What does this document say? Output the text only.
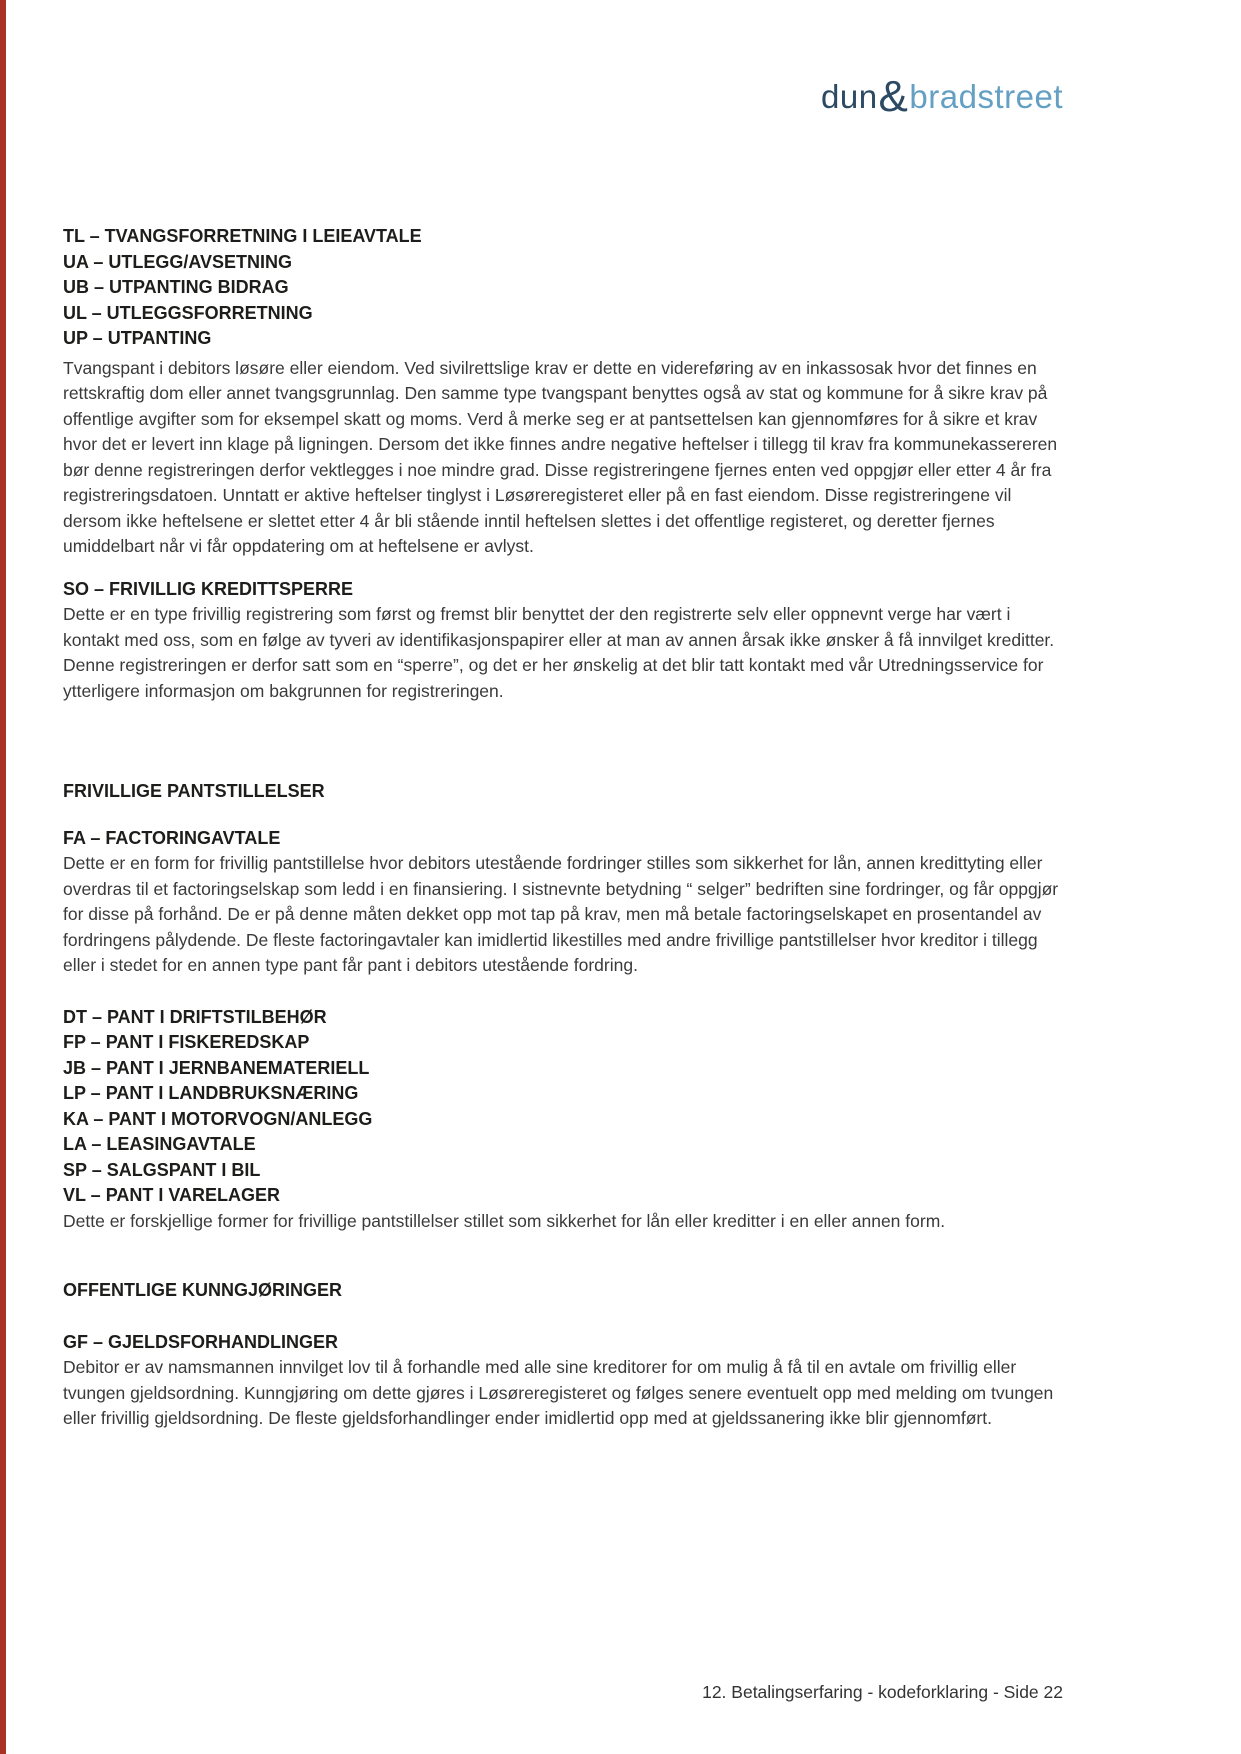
dun&bradstreet
TL – TVANGSFORRETNING I LEIEAVTALE
UA – UTLEGG/AVSETNING
UB – UTPANTING BIDRAG
UL – UTLEGGSFORRETNING
UP – UTPANTING

Tvangspant i debitors løsøre eller eiendom. Ved sivilrettslige krav er dette en videreføring av en inkassosak hvor det finnes en rettskraftig dom eller annet tvangsgrunnlag. Den samme type tvangspant benyttes også av stat og kommune for å sikre krav på offentlige avgifter som for eksempel skatt og moms. Verd å merke seg er at pantsettelsen kan gjennomføres for å sikre et krav hvor det er levert inn klage på ligningen. Dersom det ikke finnes andre negative heftelser i tillegg til krav fra kommunekassereren bør denne registreringen derfor vektlegges i noe mindre grad. Disse registreringene fjernes enten ved oppgjør eller etter 4 år fra registreringsdatoen. Unntatt er aktive heftelser tinglyst i Løsøreregisteret eller på en fast eiendom. Disse registreringene vil dersom ikke heftelsene er slettet etter 4 år bli stående inntil heftelsen slettes i det offentlige registeret, og deretter fjernes umiddelbart når vi får oppdatering om at heftelsene er avlyst.

SO – FRIVILLIG KREDITTSPERRE

Dette er en type frivillig registrering som først og fremst blir benyttet der den registrerte selv eller oppnevnt verge har vært i kontakt med oss, som en følge av tyveri av identifikasjonspapirer eller at man av annen årsak ikke ønsker å få innvilget kreditter. Denne registreringen er derfor satt som en “sperre”, og det er her ønskelig at det blir tatt kontakt med vår Utredningsservice for ytterligere informasjon om bakgrunnen for registreringen.

FRIVILLIGE PANTSTILLELSER
FA – FACTORINGAVTALE

Dette er en form for frivillig pantstillelse hvor debitors utestående fordringer stilles som sikkerhet for lån, annen kredittyting eller overdras til et factoringselskap som ledd i en finansiering. I sistnevnte betydning “ selger” bedriften sine fordringer, og får oppgjør for disse på forhånd. De er på denne måten dekket opp mot tap på krav, men må betale factoringselskapet en prosentandel av fordringens pålydende. De fleste factoringavtaler kan imidlertid likestilles med andre frivillige pantstillelser hvor kreditor i tillegg eller i stedet for en annen type pant får pant i debitors utestående fordring.

DT – PANT I DRIFTSTILBEHØR
FP – PANT I FISKEREDSKAP
JB – PANT I JERNBANEMATERIELL
LP – PANT I LANDBRUKSNÆRING
KA – PANT I MOTORVOGN/ANLEGG
LA – LEASINGAVTALE
SP – SALGSPANT I BIL
VL – PANT I VARELAGER

Dette er forskjellige former for frivillige pantstillelser stillet som sikkerhet for lån eller kreditter i en eller annen form.

OFFENTLIGE KUNNGJØRINGER
GF – GJELDSFORHANDLINGER

Debitor er av namsmannen innvilget lov til å forhandle med alle sine kreditorer for om mulig å få til en avtale om frivillig eller tvungen gjeldsordning. Kunngjøring om dette gjøres i Løsøreregisteret og følges senere eventuelt opp med melding om tvungen eller frivillig gjeldsordning. De fleste gjeldsforhandlinger ender imidlertid opp med at gjeldssanering ikke blir gjennomført.

12. Betalingserfaring - kodeforklaring - Side 22
